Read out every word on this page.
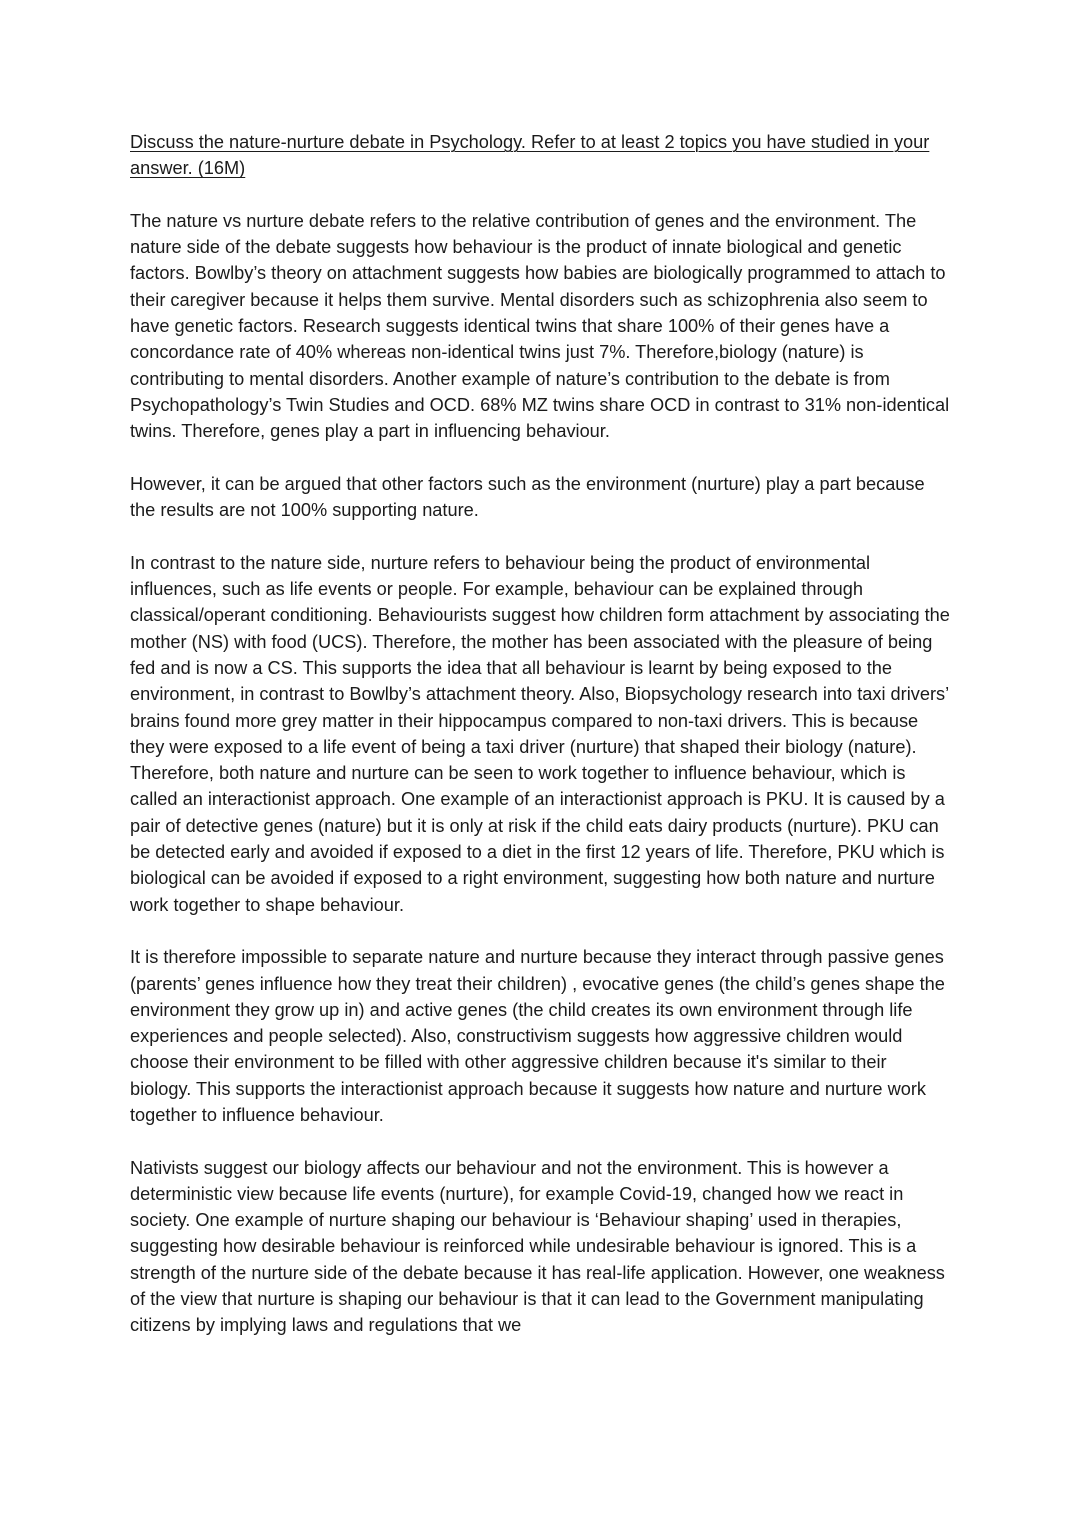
Discuss the nature-nurture debate in Psychology. Refer to at least 2 topics you have studied in your answer. (16M)

The nature vs nurture debate refers to the relative contribution of genes and the environment. The nature side of the debate suggests how behaviour is the product of innate biological and genetic factors. Bowlby’s theory on attachment suggests how babies are biologically programmed to attach to their caregiver because it helps them survive. Mental disorders such as schizophrenia also seem to have genetic factors. Research suggests identical twins that share 100% of their genes have a concordance rate of 40% whereas non-identical twins just 7%. Therefore,biology (nature) is contributing to mental disorders. Another example of nature’s contribution to the debate is from Psychopathology’s Twin Studies and OCD. 68% MZ twins share OCD in contrast to 31% non-identical twins. Therefore, genes play a part in influencing behaviour.

However, it can be argued that other factors such as the environment (nurture) play a part because the results are not 100% supporting nature.

In contrast to the nature side, nurture refers to behaviour being the product of environmental influences, such as life events or people. For example, behaviour can be explained through classical/operant conditioning. Behaviourists suggest how children form attachment by associating the mother (NS) with food (UCS). Therefore, the mother has been associated with the pleasure of being fed and is now a CS. This supports the idea that all behaviour is learnt by being exposed to the environment, in contrast to Bowlby’s attachment theory. Also, Biopsychology research into taxi drivers’ brains found more grey matter in their hippocampus compared to non-taxi drivers. This is because they were exposed to a life event of being a taxi driver (nurture) that shaped their biology (nature). Therefore, both nature and nurture can be seen to work together to influence behaviour, which is called an interactionist approach. One example of an interactionist approach is PKU. It is caused by a pair of detective genes (nature) but it is only at risk if the child eats dairy products (nurture). PKU can be detected early and avoided if exposed to a diet in the first 12 years of life. Therefore, PKU which is biological can be avoided if exposed to a right environment, suggesting how both nature and nurture work together to shape behaviour.

It is therefore impossible to separate nature and nurture because they interact through passive genes (parents’ genes influence how they treat their children) , evocative genes (the child’s genes shape the environment they grow up in) and active genes (the child creates its own environment through life experiences and people selected). Also, constructivism suggests how aggressive children would choose their environment to be filled with other aggressive children because it's similar to their biology. This supports the interactionist approach because it suggests how nature and nurture work together to influence behaviour.

Nativists suggest our biology affects our behaviour and not the environment. This is however a deterministic view because life events (nurture), for example Covid-19, changed how we react in society. One example of nurture shaping our behaviour is ‘Behaviour shaping’ used in therapies, suggesting how desirable behaviour is reinforced while undesirable behaviour is ignored. This is a strength of the nurture side of the debate because it has real-life application. However, one weakness of the view that nurture is shaping our behaviour is that it can lead to the Government manipulating citizens by implying laws and regulations that we
